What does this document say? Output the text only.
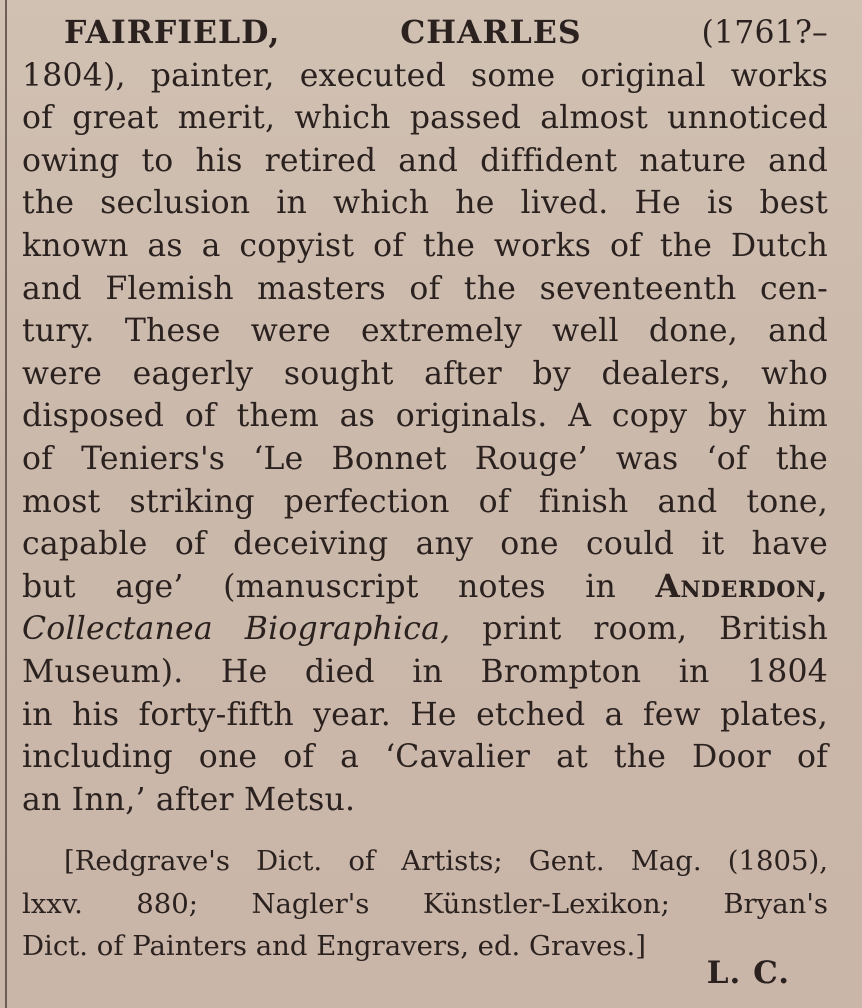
FAIRFIELD,	CHARLES	(1761?–
1804), painter, executed some original works
of great merit, which passed almost unnoticed
owing to his retired and diffident nature and
the seclusion in which he lived. He is best
known as a copyist of the works of the Dutch
and Flemish masters of the seventeenth cen-
tury. These were extremely well done, and
were eagerly sought after by dealers, who
disposed of them as originals. A copy by him
of Teniers's ‘Le Bonnet Rouge’ was ‘of the
most striking perfection of finish and tone,
capable of deceiving any one could it have
but age’ (manuscript notes in Anderdon,
Collectanea Biographica, print room, British
Museum). He died in Brompton in 1804
in his forty-fifth year. He etched a few plates,
including one of a ‘Cavalier at the Door of
an Inn,’ after Metsu.
[Redgrave's Dict. of Artists; Gent. Mag. (1805),
lxxv. 880; Nagler's Künstler-Lexikon; Bryan's
Dict. of Painters and Engravers, ed. Graves.]
L. C.
